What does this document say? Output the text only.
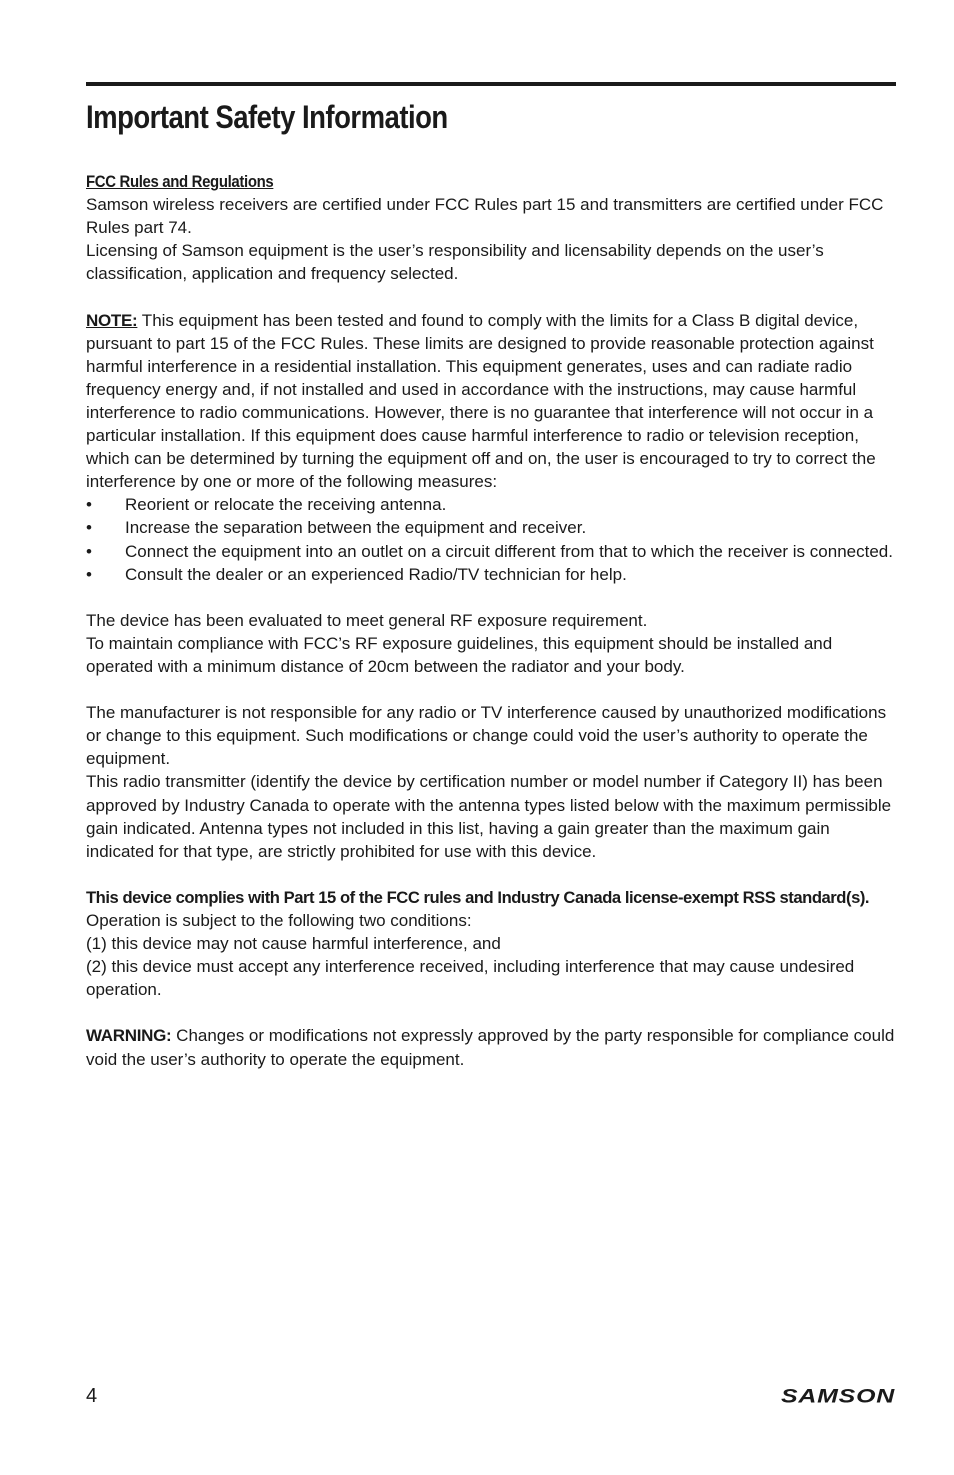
Important Safety Information

FCC Rules and Regulations

Samson wireless receivers are certified under FCC Rules part 15 and transmitters are certified under FCC Rules part 74.

Licensing of Samson equipment is the user’s responsibility and licensability depends on the user’s classification, application and frequency selected.

NOTE: This equipment has been tested and found to comply with the limits for a Class B digital device, pursuant to part 15 of the FCC Rules. These limits are designed to provide reasonable protection against harmful interference in a residential installation. This equipment generates, uses and can radiate radio frequency energy and, if not installed and used in accordance with the instructions, may cause harmful interference to radio communications. However, there is no guarantee that interference will not occur in a particular installation. If this equipment does cause harmful interference to radio or television reception, which can be determined by turning the equipment off and on, the user is encouraged to try to correct the interference by one or more of the following measures:

• Reorient or relocate the receiving antenna.
• Increase the separation between the equipment and receiver.
• Connect the equipment into an outlet on a circuit different from that to which the receiver is connected.
• Consult the dealer or an experienced Radio/TV technician for help.

The device has been evaluated to meet general RF exposure requirement.

To maintain compliance with FCC’s RF exposure guidelines, this equipment should be installed and operated with a minimum distance of 20cm between the radiator and your body.

The manufacturer is not responsible for any radio or TV interference caused by unauthorized modifications or change to this equipment. Such modifications or change could void the user’s authority to operate the equipment.

This radio transmitter (identify the device by certification number or model number if Category II) has been approved by Industry Canada to operate with the antenna types listed below with the maximum permissible gain indicated. Antenna types not included in this list, having a gain greater than the maximum gain indicated for that type, are strictly prohibited for use with this device.

This device complies with Part 15 of the FCC rules and Industry Canada license-exempt RSS standard(s).

Operation is subject to the following two conditions:

(1) this device may not cause harmful interference, and

(2) this device must accept any interference received, including interference that may cause undesired operation.

WARNING: Changes or modifications not expressly approved by the party responsible for compliance could void the user’s authority to operate the equipment.

4	SAMSON
